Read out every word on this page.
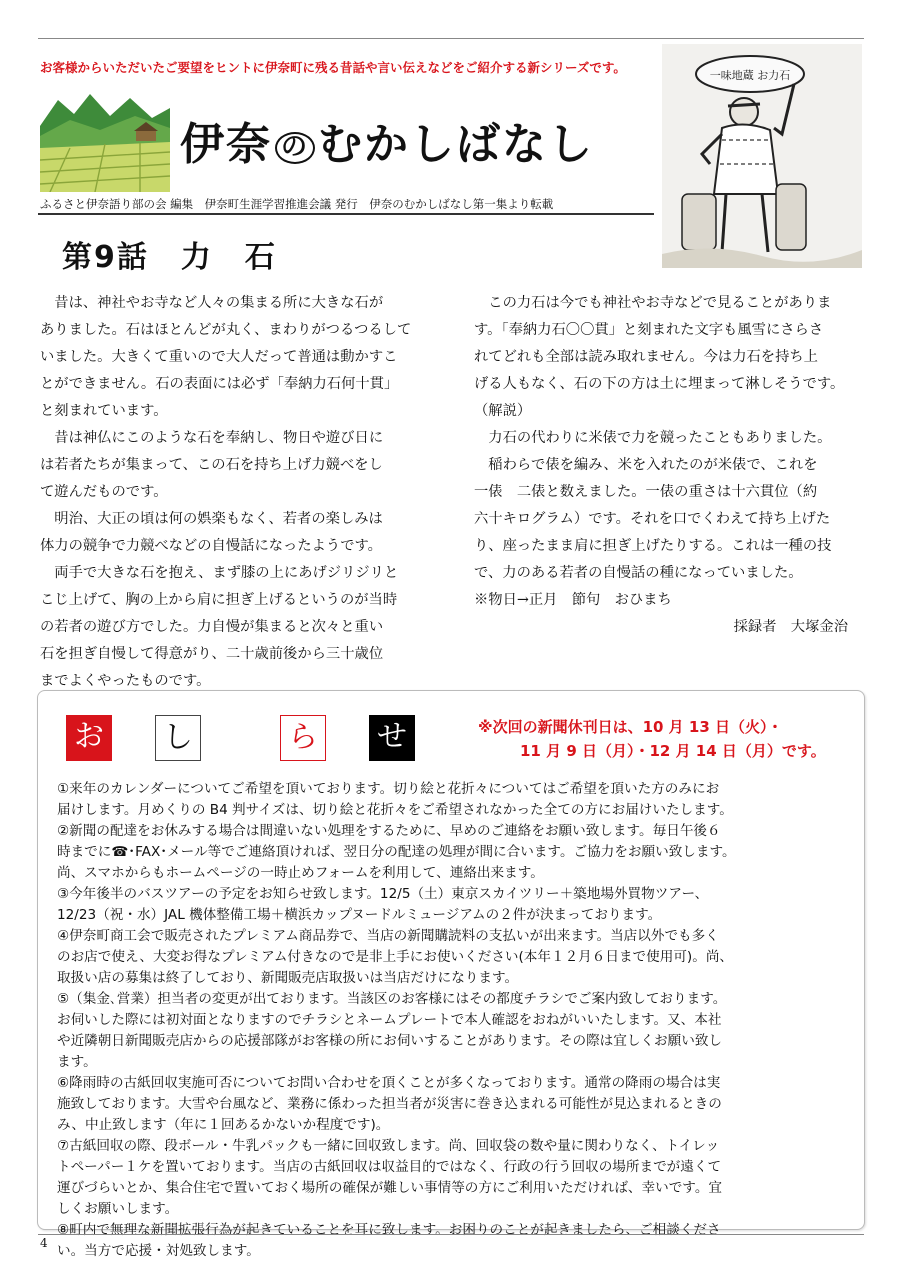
お客様からいただいたご要望をヒントに伊奈町に残る昔話や言い伝えなどをご紹介する新シリーズです。
伊奈 の むかしばなし
ふるさと伊奈語り部の会 編集　伊奈町生涯学習推進会議 発行　伊奈のむかしばなし第一集より転載
第9話　力　石
一味地蔵 お力石

昔は、神社やお寺など人々の集まる所に大きな石が

ありました。石はほとんどが丸く、まわりがつるつるして

いました。大きくて重いので大人だって普通は動かすこ

とができません。石の表面には必ず「奉納力石何十貫」

と刻まれています。

昔は神仏にこのような石を奉納し、物日や遊び日に

は若者たちが集まって、この石を持ち上げ力競べをし

て遊んだものです。

明治、大正の頃は何の娯楽もなく、若者の楽しみは

体力の競争で力競べなどの自慢話になったようです。

両手で大きな石を抱え、まず膝の上にあげジリジリと

こじ上げて、胸の上から肩に担ぎ上げるというのが当時

の若者の遊び方でした。力自慢が集まると次々と重い

石を担ぎ自慢して得意がり、二十歳前後から三十歳位

までよくやったものです。

この力石は今でも神社やお寺などで見ることがありま

す。「奉納力石〇〇貫」と刻まれた文字も風雪にさらさ

れてどれも全部は読み取れません。今は力石を持ち上

げる人もなく、石の下の方は土に埋まって淋しそうです。

（解説）

力石の代わりに米俵で力を競ったこともありました。

稲わらで俵を編み、米を入れたのが米俵で、これを

一俵　二俵と数えました。一俵の重さは十六貫位（約

六十キログラム）です。それを口でくわえて持ち上げた

り、座ったまま肩に担ぎ上げたりする。これは一種の技

で、力のある若者の自慢話の種になっていました。

※物日→正月　節句　おひまち

採録者　大塚金治

お し	ら せ	※次回の新聞休刊日は、10 月 13 日（火）・
11 月 9 日（月）・12 月 14 日（月）です。

①来年のカレンダーについてご希望を頂いております。切り絵と花折々についてはご希望を頂いた方のみにお

届けします。月めくりの B4 判サイズは、切り絵と花折々をご希望されなかった全ての方にお届けいたします。

②新聞の配達をお休みする場合は間違いない処理をするために、早めのご連絡をお願い致します。毎日午後６

時までに☎･FAX･メール等でご連絡頂ければ、翌日分の配達の処理が間に合います。ご協力をお願い致します。

尚、スマホからもホームページの一時止めフォームを利用して、連絡出来ます。

③今年後半のバスツアーの予定をお知らせ致します。12/5（土）東京スカイツリー＋築地場外買物ツアー、

12/23（祝・水）JAL 機体整備工場＋横浜カップヌードルミュージアムの２件が決まっております。

④伊奈町商工会で販売されたプレミアム商品券で、当店の新聞購読料の支払いが出来ます。当店以外でも多く

のお店で使え、大変お得なプレミアム付きなので是非上手にお使いください(本年１２月６日まで使用可)。尚、

取扱い店の募集は終了しており、新聞販売店取扱いは当店だけになります。

⑤（集金､営業）担当者の変更が出ております。当該区のお客様にはその都度チラシでご案内致しております。

お伺いした際には初対面となりますのでチラシとネームプレートで本人確認をおねがいいたします。又、本社

や近隣朝日新聞販売店からの応援部隊がお客様の所にお伺いすることがあります。その際は宜しくお願い致し

ます。

⑥降雨時の古紙回収実施可否についてお問い合わせを頂くことが多くなっております。通常の降雨の場合は実

施致しております。大雪や台風など、業務に係わった担当者が災害に巻き込まれる可能性が見込まれるときの

み、中止致します（年に１回あるかないか程度です)。

⑦古紙回収の際、段ボール・牛乳パックも一緒に回収致します。尚、回収袋の数や量に関わりなく、トイレッ

トペーパー１ケを置いております。当店の古紙回収は収益目的ではなく、行政の行う回収の場所までが遠くて

運びづらいとか、集合住宅で置いておく場所の確保が難しい事情等の方にご利用いただければ、幸いです。宜

しくお願いします。

⑧町内で無理な新聞拡張行為が起きていることを耳に致します。お困りのことが起きましたら、ご相談くださ

い。当方で応援・対処致します。

4
